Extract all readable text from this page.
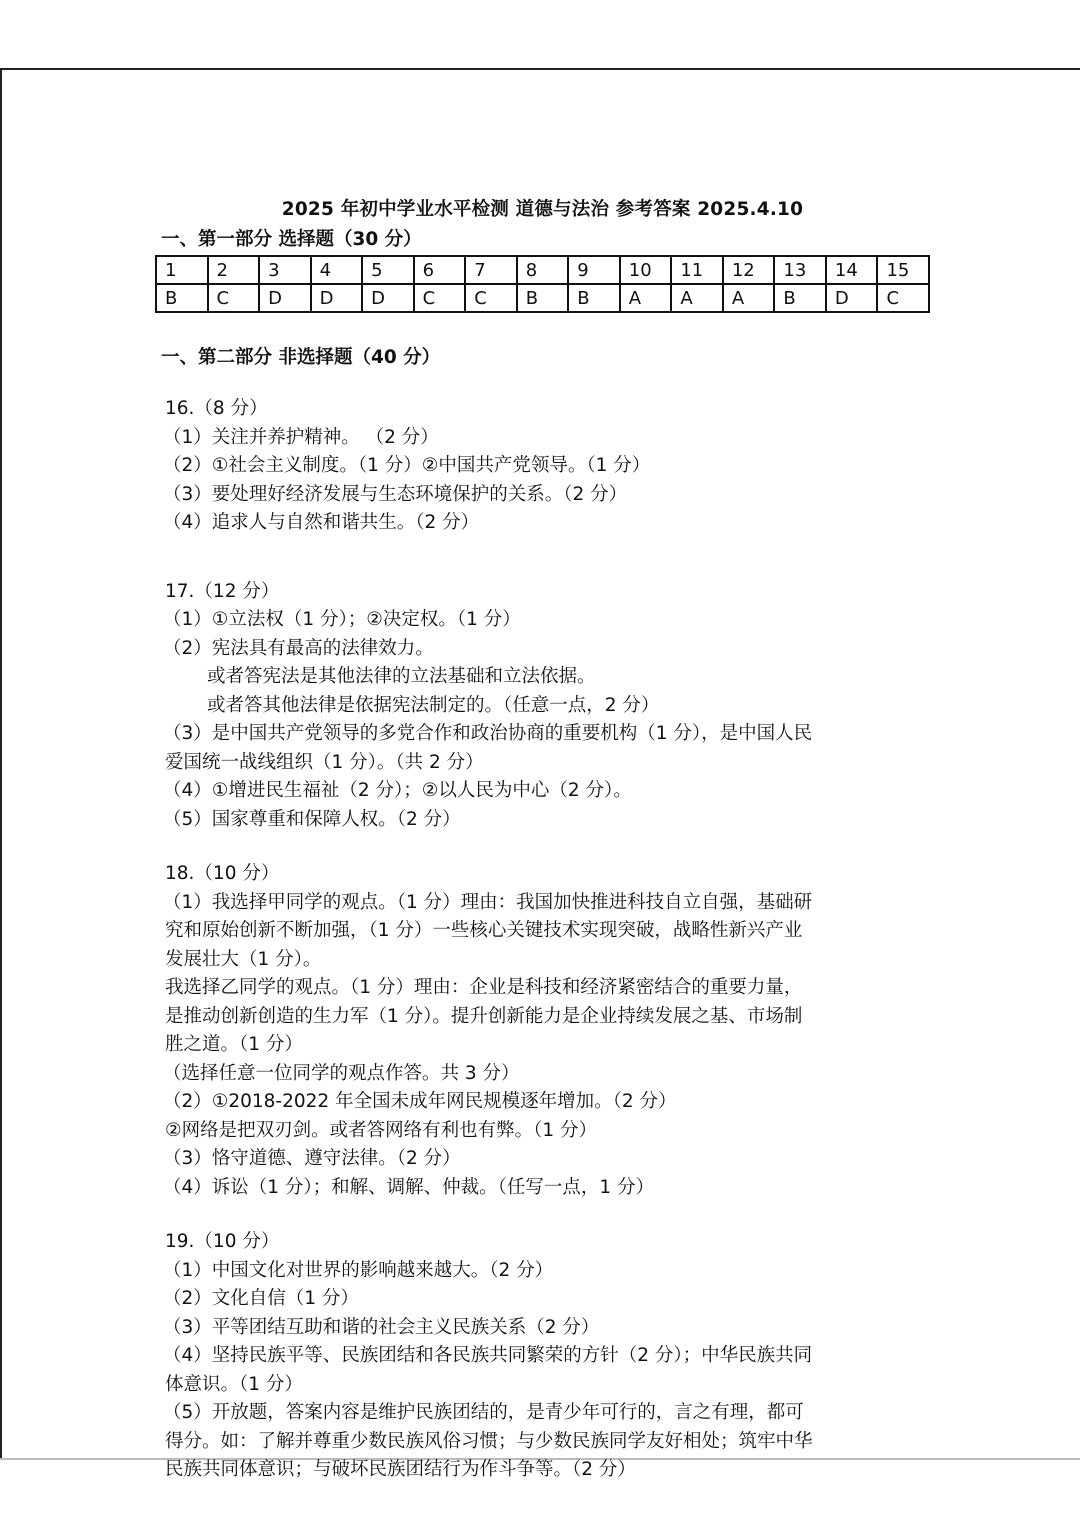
2025 年初中学业水平检测 道德与法治 参考答案 2025.4.10
一、第一部分 选择题（30 分）
1	2	3	4	5	6	7	8	9	10	11	12	13	14	15
B	C	D	D	D	C	C	B	B	A	A	A	B	D	C
一、第二部分 非选择题（40 分）
16.（8 分）
（1）关注并养护精神。 （2 分）
（2）①社会主义制度。（1 分）②中国共产党领导。（1 分）
（3）要处理好经济发展与生态环境保护的关系。（2 分）
（4）追求人与自然和谐共生。（2 分）
17.（12 分）
（1）①立法权（1 分）；②决定权。（1 分）
（2）宪法具有最高的法律效力。
或者答宪法是其他法律的立法基础和立法依据。
或者答其他法律是依据宪法制定的。（任意一点，2 分）
（3）是中国共产党领导的多党合作和政治协商的重要机构（1 分），是中国人民
爱国统一战线组织（1 分）。（共 2 分）
（4）①增进民生福祉（2 分）；②以人民为中心（2 分）。
（5）国家尊重和保障人权。（2 分）
18.（10 分）
（1）我选择甲同学的观点。（1 分）理由：我国加快推进科技自立自强，基础研
究和原始创新不断加强，（1 分）一些核心关键技术实现突破，战略性新兴产业
发展壮大（1 分）。
我选择乙同学的观点。（1 分）理由：企业是科技和经济紧密结合的重要力量，
是推动创新创造的生力军（1 分）。提升创新能力是企业持续发展之基、市场制
胜之道。（1 分）
（选择任意一位同学的观点作答。共 3 分）
（2）①2018-2022 年全国未成年网民规模逐年增加。（2 分）
②网络是把双刃剑。或者答网络有利也有弊。（1 分）
（3）恪守道德、遵守法律。（2 分）
（4）诉讼（1 分）；和解、调解、仲裁。（任写一点，1 分）
19.（10 分）
（1）中国文化对世界的影响越来越大。（2 分）
（2）文化自信（1 分）
（3）平等团结互助和谐的社会主义民族关系（2 分）
（4）坚持民族平等、民族团结和各民族共同繁荣的方针（2 分）；中华民族共同
体意识。（1 分）
（5）开放题，答案内容是维护民族团结的，是青少年可行的，言之有理，都可
得分。如：了解并尊重少数民族风俗习惯；与少数民族同学友好相处；筑牢中华
民族共同体意识；与破坏民族团结行为作斗争等。（2 分）
